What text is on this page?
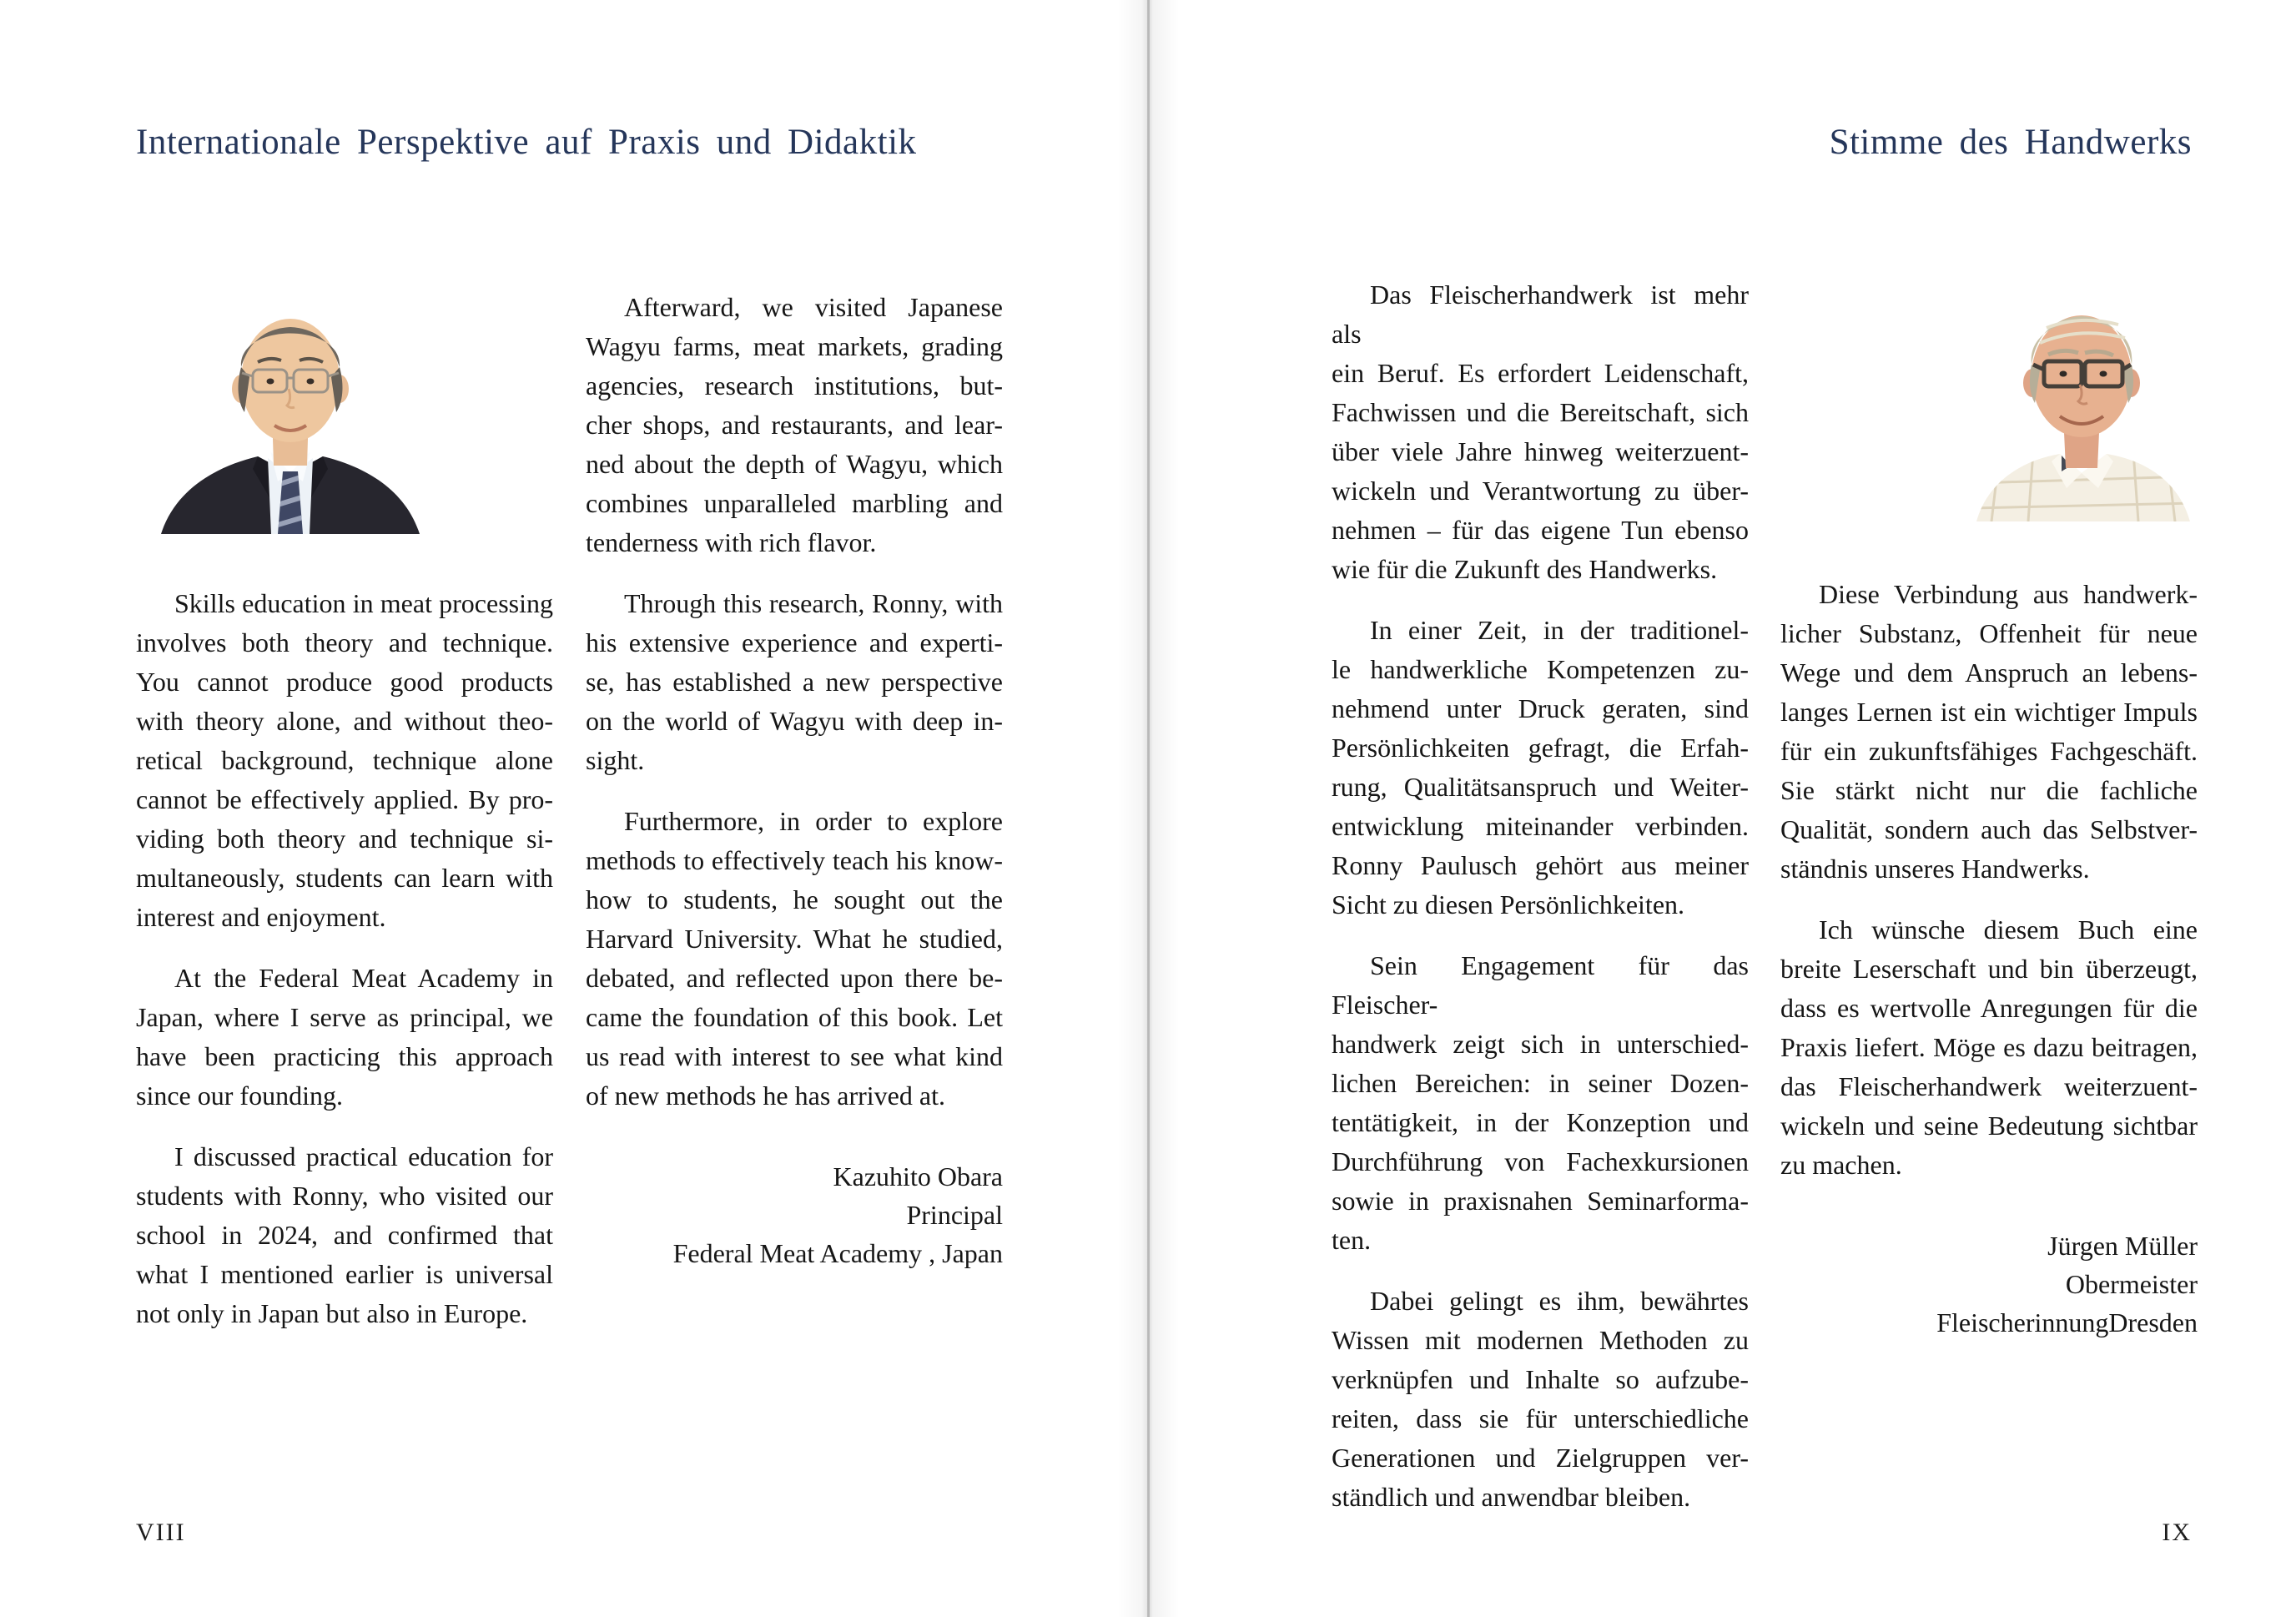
Internationale Perspektive auf Praxis und Didaktik	Stimme des Handwerks
Skills education in meat processing
involves both theory and technique.
You cannot produce good products
with theory alone, and without theo-
retical background, technique alone
cannot be effectively applied. By pro-
viding both theory and technique si-
multaneously, students can learn with
interest and enjoyment.
At the Federal Meat Academy in
Japan, where I serve as principal, we
have been practicing this approach
since our founding.
I discussed practical education for
students with Ronny, who visited our
school in 2024, and confirmed that
what I mentioned earlier is universal
not only in Japan but also in Europe.
Afterward, we visited Japanese
Wagyu farms, meat markets, grading
agencies, research institutions, but-
cher shops, and restaurants, and lear-
ned about the depth of Wagyu, which
combines unparalleled marbling and
tenderness with rich flavor.
Through this research, Ronny, with
his extensive experience and experti-
se, has established a new perspective
on the world of Wagyu with deep in-
sight.
Furthermore, in order to explore
methods to effectively teach his know-
how to students, he sought out the
Harvard University. What he studied,
debated, and reflected upon there be-
came the foundation of this book. Let
us read with interest to see what kind
of new methods he has arrived at.
Kazuhito Obara
Principal
Federal Meat Academy , Japan
Das Fleischerhandwerk ist mehr als
ein Beruf. Es erfordert Leidenschaft,
Fachwissen und die Bereitschaft, sich
über viele Jahre hinweg weiterzuent-
wickeln und Verantwortung zu über-
nehmen – für das eigene Tun ebenso
wie für die Zukunft des Handwerks.
In einer Zeit, in der traditionel-
le handwerkliche Kompetenzen zu-
nehmend unter Druck geraten, sind
Persönlichkeiten gefragt, die Erfah-
rung, Qualitätsanspruch und Weiter-
entwicklung miteinander verbinden.
Ronny Paulusch gehört aus meiner
Sicht zu diesen Persönlichkeiten.
Sein Engagement für das Fleischer-
handwerk zeigt sich in unterschied-
lichen Bereichen: in seiner Dozen-
tentätigkeit, in der Konzeption und
Durchführung von Fachexkursionen
sowie in praxisnahen Seminarforma-
ten.
Dabei gelingt es ihm, bewährtes
Wissen mit modernen Methoden zu
verknüpfen und Inhalte so aufzube-
reiten, dass sie für unterschiedliche
Generationen und Zielgruppen ver-
ständlich und anwendbar bleiben.
Diese Verbindung aus handwerk-
licher Substanz, Offenheit für neue
Wege und dem Anspruch an lebens-
langes Lernen ist ein wichtiger Impuls
für ein zukunftsfähiges Fachgeschäft.
Sie stärkt nicht nur die fachliche
Qualität, sondern auch das Selbstver-
ständnis unseres Handwerks.
Ich wünsche diesem Buch eine
breite Leserschaft und bin überzeugt,
dass es wertvolle Anregungen für die
Praxis liefert. Möge es dazu beitragen,
das Fleischerhandwerk weiterzuent-
wickeln und seine Bedeutung sichtbar
zu machen.
Jürgen Müller
Obermeister
FleischerinnungDresden
VIII	IX
